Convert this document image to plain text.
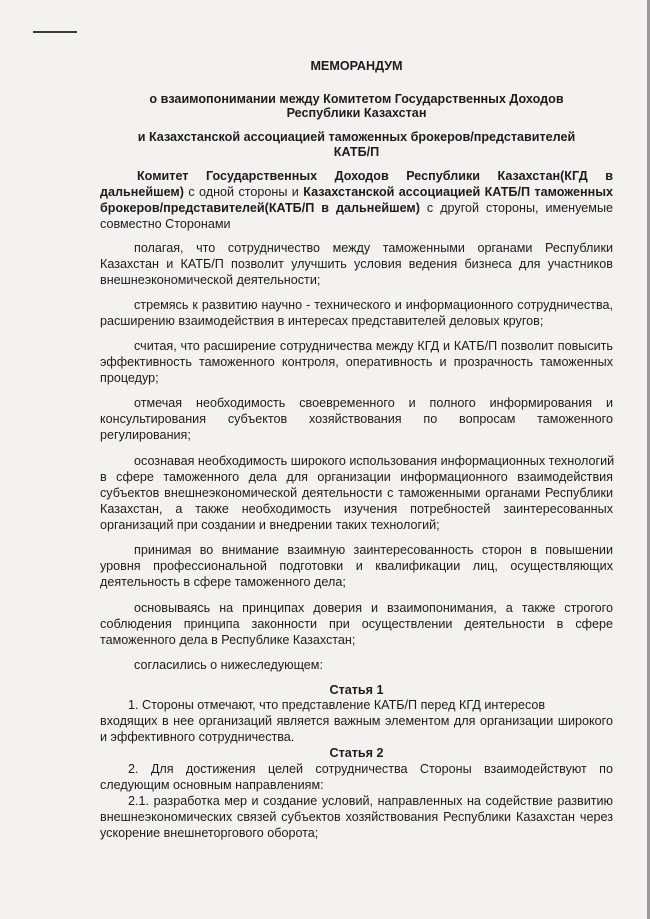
МЕМОРАНДУМ
о взаимопонимании между Комитетом Государственных Доходов
Республики Казахстан
и Казахстанской ассоциацией таможенных брокеров/представителей
КАТБ/П
Комитет Государственных Доходов Республики Казахстан(КГД в
дальнейшем) с одной стороны и Казахстанской ассоциацией КАТБ/П таможенных
брокеров/представителей(КАТБ/П в дальнейшем) с другой стороны, именуемые
совместно Сторонами
полагая, что сотрудничество между таможенными органами Республики
Казахстан и КАТБ/П позволит улучшить условия ведения бизнеса для участников
внешнеэкономической деятельности;
стремясь к развитию научно - технического и информационного сотрудничества,
расширению взаимодействия в интересах представителей деловых кругов;
считая, что расширение сотрудничества между КГД и КАТБ/П позволит повысить
эффективность таможенного контроля, оперативность и прозрачность таможенных
процедур;
отмечая необходимость своевременного и полного информирования и
консультирования субъектов хозяйствования по вопросам таможенного
регулирования;
осознавая необходимость широкого использования информационных технологий
в сфере таможенного дела для организации информационного взаимодействия
субъектов внешнеэкономической деятельности с таможенными органами Республики
Казахстан, а также необходимость изучения потребностей заинтересованных
организаций при создании и внедрении таких технологий;
принимая во внимание взаимную заинтересованность сторон в повышении
уровня профессиональной подготовки и квалификации лиц, осуществляющих
деятельность в сфере таможенного дела;
основываясь на принципах доверия и взаимопонимания, а также строгого
соблюдения принципа законности при осуществлении деятельности в сфере
таможенного дела в Республике Казахстан;
согласились о нижеследующем:
Статья 1
1. Стороны отмечают, что представление КАТБ/П перед КГД интересов
входящих в нее организаций является важным элементом для организации широкого
и эффективного сотрудничества.
Статья 2
2. Для достижения целей сотрудничества Стороны взаимодействуют по
следующим основным направлениям:
2.1. разработка мер и создание условий, направленных на содействие развитию
внешнеэкономических связей субъектов хозяйствования Республики Казахстан через
ускорение внешнеторгового оборота;
